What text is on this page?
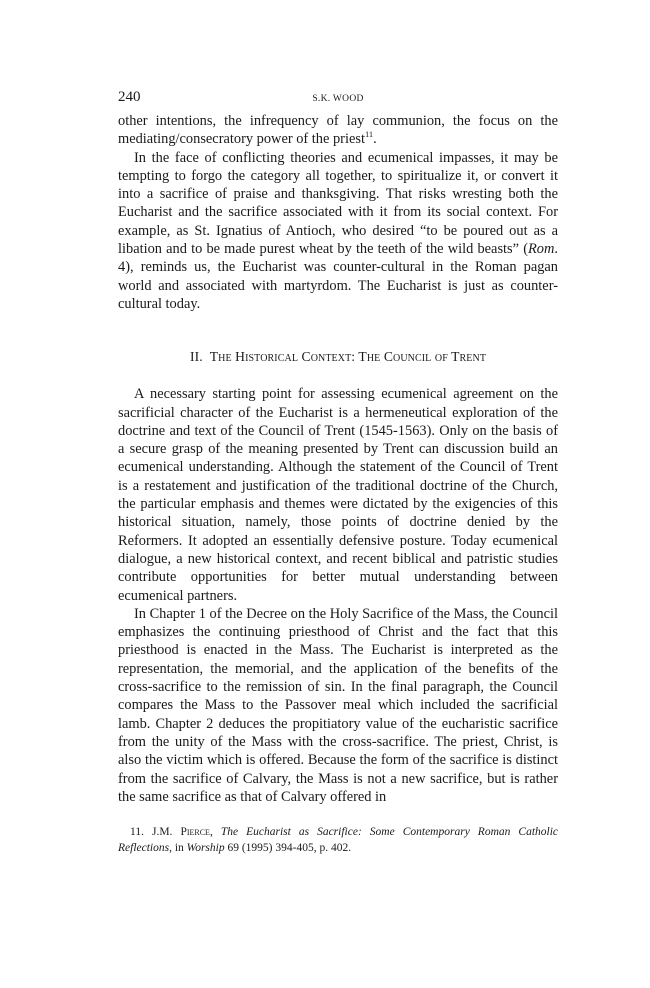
240	S.K. WOOD

other intentions, the infrequency of lay communion, the focus on the mediating/consecratory power of the priest$^{11}$.

In the face of conflicting theories and ecumenical impasses, it may be tempting to forgo the category all together, to spiritualize it, or convert it into a sacrifice of praise and thanksgiving. That risks wresting both the Eucharist and the sacrifice associated with it from its social context. For example, as St. Ignatius of Antioch, who desired “to be poured out as a libation and to be made purest wheat by the teeth of the wild beasts” (Rom. 4), reminds us, the Eucharist was counter-cultural in the Roman pagan world and associated with martyrdom. The Eucharist is just as counter-cultural today.

II. The Historical Context: The Council of Trent

A necessary starting point for assessing ecumenical agreement on the sacrificial character of the Eucharist is a hermeneutical exploration of the doctrine and text of the Council of Trent (1545-1563). Only on the basis of a secure grasp of the meaning presented by Trent can discussion build an ecumenical understanding. Although the statement of the Council of Trent is a restatement and justification of the traditional doctrine of the Church, the particular emphasis and themes were dictated by the exigencies of this historical situation, namely, those points of doctrine denied by the Reformers. It adopted an essentially defensive posture. Today ecumenical dialogue, a new historical context, and recent biblical and patristic studies contribute opportunities for better mutual understanding between ecumenical partners.

In Chapter 1 of the Decree on the Holy Sacrifice of the Mass, the Council emphasizes the continuing priesthood of Christ and the fact that this priesthood is enacted in the Mass. The Eucharist is interpreted as the representation, the memorial, and the application of the benefits of the cross-sacrifice to the remission of sin. In the final paragraph, the Council compares the Mass to the Passover meal which included the sacrificial lamb. Chapter 2 deduces the propitiatory value of the eucharistic sacrifice from the unity of the Mass with the cross-sacrifice. The priest, Christ, is also the victim which is offered. Because the form of the sacrifice is distinct from the sacrifice of Calvary, the Mass is not a new sacrifice, but is rather the same sacrifice as that of Calvary offered in

11. J.M. Pierce, The Eucharist as Sacrifice: Some Contemporary Roman Catholic Reflections, in Worship 69 (1995) 394-405, p. 402.
